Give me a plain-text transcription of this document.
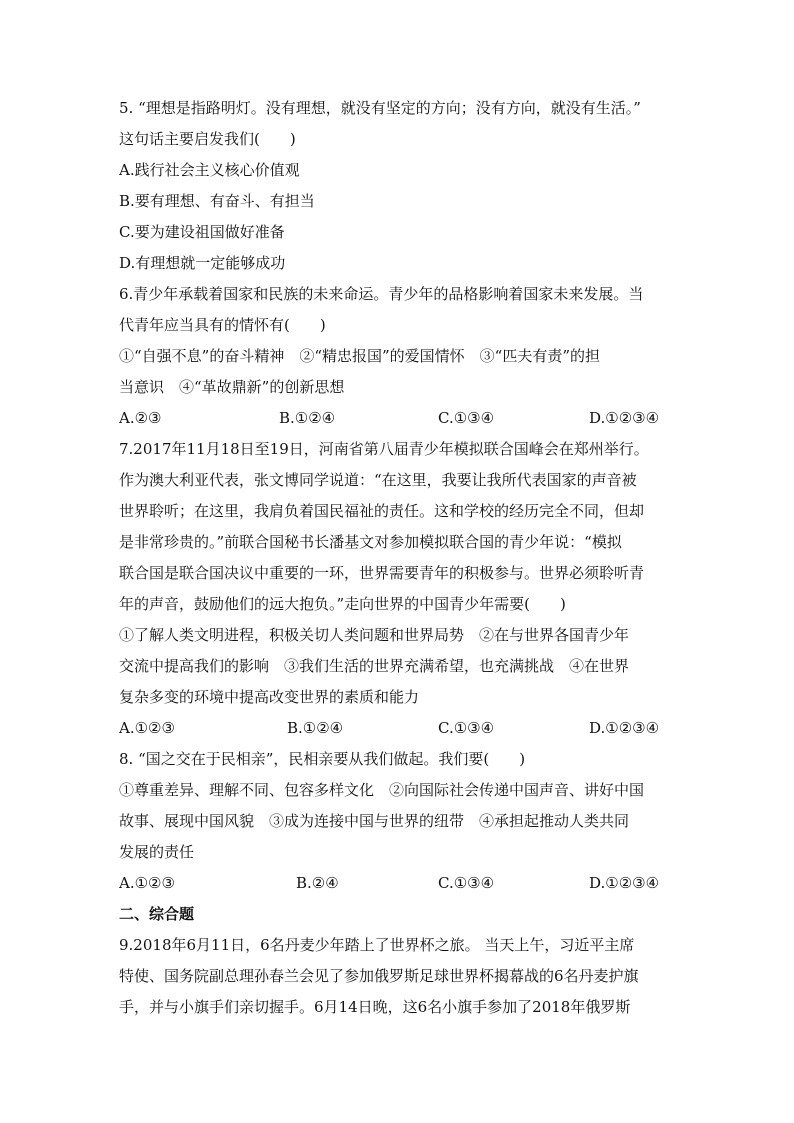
5. “理想是指路明灯。没有理想，就没有坚定的方向；没有方向，就没有生活。”
这句话主要启发我们(　　)
A.践行社会主义核心价值观
B.要有理想、有奋斗、有担当
C.要为建设祖国做好准备
D.有理想就一定能够成功
6.青少年承载着国家和民族的未来命运。青少年的品格影响着国家未来发展。当
代青年应当具有的情怀有(　　)
①“自强不息”的奋斗精神　②“精忠报国”的爱国情怀　③“匹夫有责”的担
当意识　④“革故鼎新”的创新思想
A.②③	B.①②④	C.①③④	D.①②③④
7.2017年11月18日至19日，河南省第八届青少年模拟联合国峰会在郑州举行。
作为澳大利亚代表，张文博同学说道：“在这里，我要让我所代表国家的声音被
世界聆听；在这里，我肩负着国民福祉的责任。这和学校的经历完全不同，但却
是非常珍贵的。”前联合国秘书长潘基文对参加模拟联合国的青少年说：“模拟
联合国是联合国决议中重要的一环，世界需要青年的积极参与。世界必须聆听青
年的声音，鼓励他们的远大抱负。”走向世界的中国青少年需要(　　)
①了解人类文明进程，积极关切人类问题和世界局势　②在与世界各国青少年
交流中提高我们的影响　③我们生活的世界充满希望，也充满挑战　④在世界
复杂多变的环境中提高改变世界的素质和能力
A.①②③	B.①②④	C.①③④	D.①②③④
8. “国之交在于民相亲”，民相亲要从我们做起。我们要(　　)
①尊重差异、理解不同、包容多样文化　②向国际社会传递中国声音、讲好中国
故事、展现中国风貌　③成为连接中国与世界的纽带　④承担起推动人类共同
发展的责任
A.①②③	B.②④	C.①③④	D.①②③④
二、综合题
9.2018年6月11日，6名丹麦少年踏上了世界杯之旅。 当天上午，习近平主席
特使、国务院副总理孙春兰会见了参加俄罗斯足球世界杯揭幕战的6名丹麦护旗
手，并与小旗手们亲切握手。6月14日晚，这6名小旗手参加了2018年俄罗斯
